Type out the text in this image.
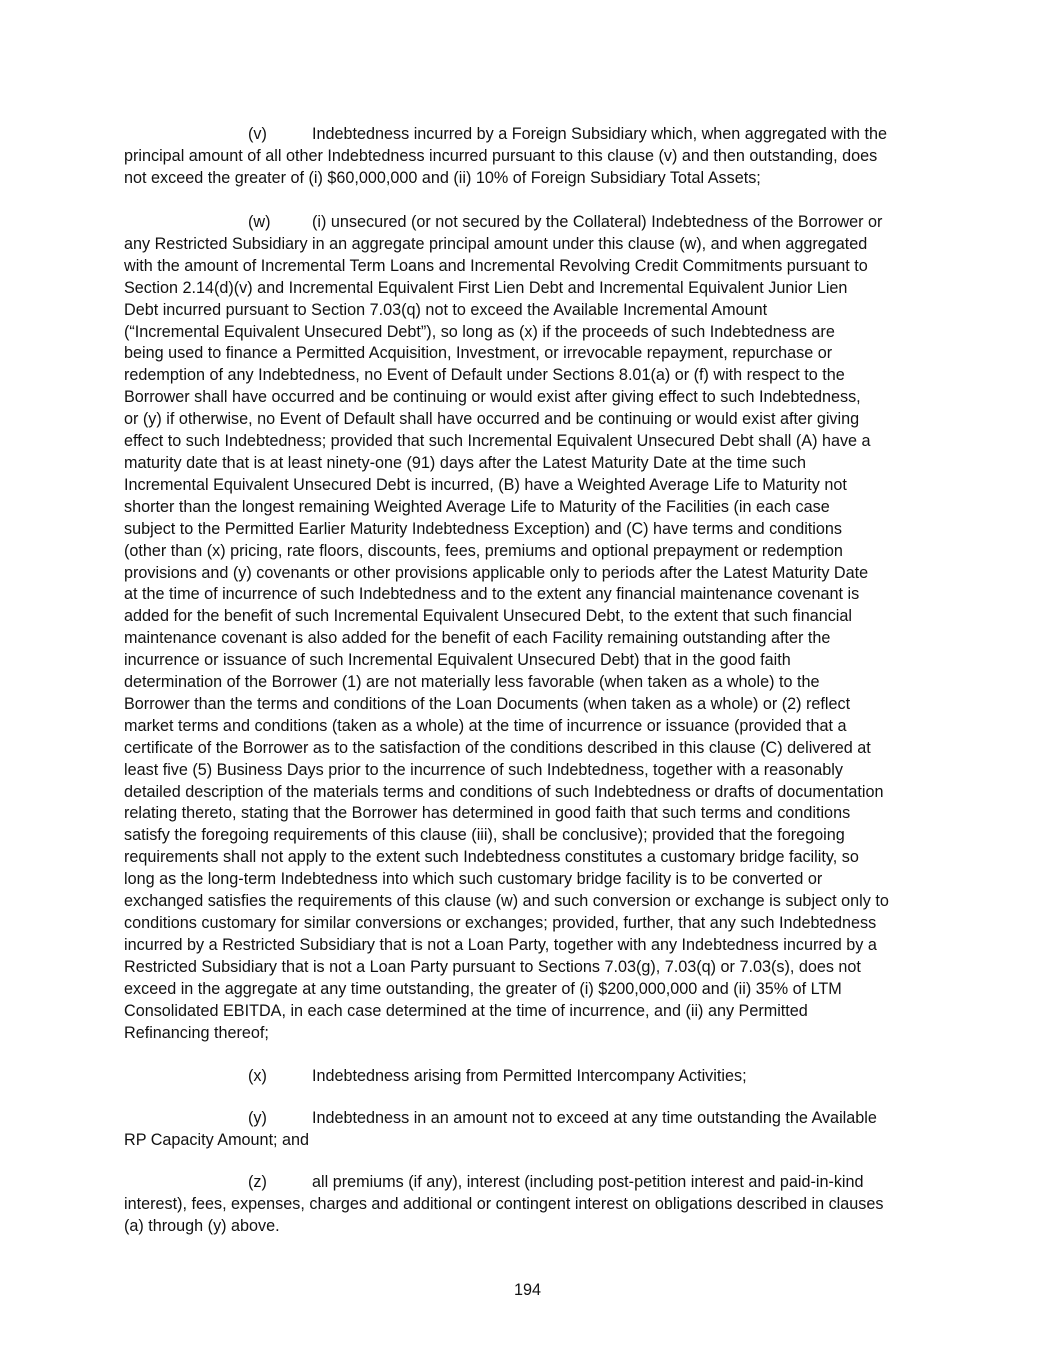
(v)	Indebtedness incurred by a Foreign Subsidiary which, when aggregated with the
principal amount of all other Indebtedness incurred pursuant to this clause (v) and then outstanding, does
not exceed the greater of (i) $60,000,000 and (ii) 10% of Foreign Subsidiary Total Assets;

(w)	(i) unsecured (or not secured by the Collateral) Indebtedness of the Borrower or
any Restricted Subsidiary in an aggregate principal amount under this clause (w), and when aggregated
with the amount of Incremental Term Loans and Incremental Revolving Credit Commitments pursuant to
Section 2.14(d)(v) and Incremental Equivalent First Lien Debt and Incremental Equivalent Junior Lien
Debt incurred pursuant to Section 7.03(q) not to exceed the Available Incremental Amount
(“Incremental Equivalent Unsecured Debt”), so long as (x) if the proceeds of such Indebtedness are
being used to finance a Permitted Acquisition, Investment, or irrevocable repayment, repurchase or
redemption of any Indebtedness, no Event of Default under Sections 8.01(a) or (f) with respect to the
Borrower shall have occurred and be continuing or would exist after giving effect to such Indebtedness,
or (y) if otherwise, no Event of Default shall have occurred and be continuing or would exist after giving
effect to such Indebtedness; provided that such Incremental Equivalent Unsecured Debt shall (A) have a
maturity date that is at least ninety-one (91) days after the Latest Maturity Date at the time such
Incremental Equivalent Unsecured Debt is incurred, (B) have a Weighted Average Life to Maturity not
shorter than the longest remaining Weighted Average Life to Maturity of the Facilities (in each case
subject to the Permitted Earlier Maturity Indebtedness Exception) and (C) have terms and conditions
(other than (x) pricing, rate floors, discounts, fees, premiums and optional prepayment or redemption
provisions and (y) covenants or other provisions applicable only to periods after the Latest Maturity Date
at the time of incurrence of such Indebtedness and to the extent any financial maintenance covenant is
added for the benefit of such Incremental Equivalent Unsecured Debt, to the extent that such financial
maintenance covenant is also added for the benefit of each Facility remaining outstanding after the
incurrence or issuance of such Incremental Equivalent Unsecured Debt) that in the good faith
determination of the Borrower (1) are not materially less favorable (when taken as a whole) to the
Borrower than the terms and conditions of the Loan Documents (when taken as a whole) or (2) reflect
market terms and conditions (taken as a whole) at the time of incurrence or issuance (provided that a
certificate of the Borrower as to the satisfaction of the conditions described in this clause (C) delivered at
least five (5) Business Days prior to the incurrence of such Indebtedness, together with a reasonably
detailed description of the materials terms and conditions of such Indebtedness or drafts of documentation
relating thereto, stating that the Borrower has determined in good faith that such terms and conditions
satisfy the foregoing requirements of this clause (iii), shall be conclusive); provided that the foregoing
requirements shall not apply to the extent such Indebtedness constitutes a customary bridge facility, so
long as the long-term Indebtedness into which such customary bridge facility is to be converted or
exchanged satisfies the requirements of this clause (w) and such conversion or exchange is subject only to
conditions customary for similar conversions or exchanges; provided, further, that any such Indebtedness
incurred by a Restricted Subsidiary that is not a Loan Party, together with any Indebtedness incurred by a
Restricted Subsidiary that is not a Loan Party pursuant to Sections 7.03(g), 7.03(q) or 7.03(s), does not
exceed in the aggregate at any time outstanding, the greater of (i) $200,000,000 and (ii) 35% of LTM
Consolidated EBITDA, in each case determined at the time of incurrence, and (ii) any Permitted
Refinancing thereof;

(x)	Indebtedness arising from Permitted Intercompany Activities;

(y)	Indebtedness in an amount not to exceed at any time outstanding the Available
RP Capacity Amount; and

(z)	all premiums (if any), interest (including post-petition interest and paid-in-kind
interest), fees, expenses, charges and additional or contingent interest on obligations described in clauses
(a) through (y) above.

194
